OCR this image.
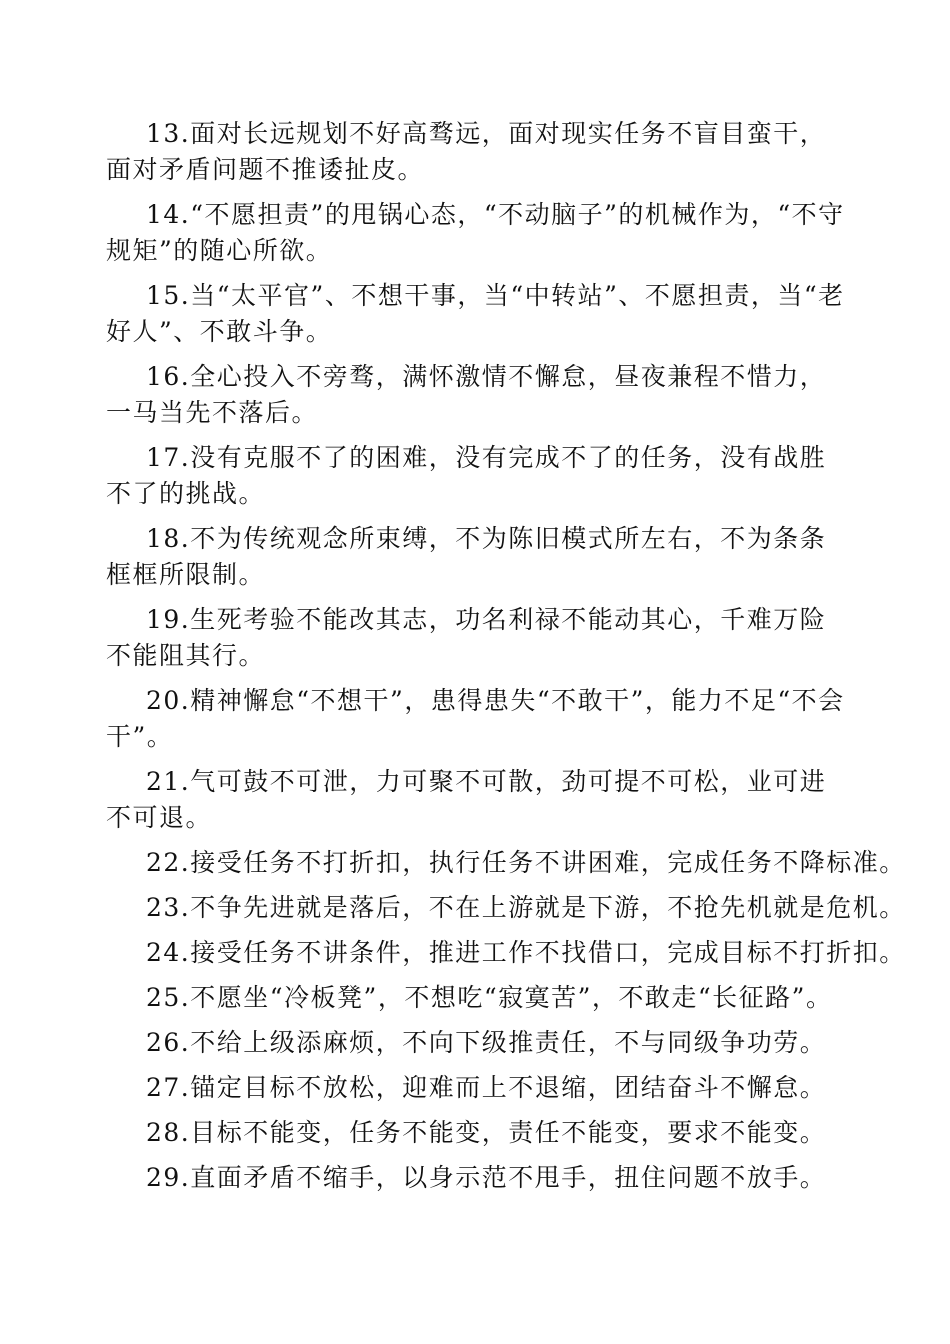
13.面对长远规划不好高骛远，面对现实任务不盲目蛮干，面对矛盾问题不推诿扯皮。

14.“不愿担责”的甩锅心态，“不动脑子”的机械作为，“不守规矩”的随心所欲。

15.当“太平官”、不想干事，当“中转站”、不愿担责，当“老好人”、不敢斗争。

16.全心投入不旁骛，满怀激情不懈怠，昼夜兼程不惜力，一马当先不落后。

17.没有克服不了的困难，没有完成不了的任务，没有战胜不了的挑战。

18.不为传统观念所束缚，不为陈旧模式所左右，不为条条框框所限制。

19.生死考验不能改其志，功名利禄不能动其心，千难万险不能阻其行。

20.精神懈怠“不想干”，患得患失“不敢干”，能力不足“不会干”。

21.气可鼓不可泄，力可聚不可散，劲可提不可松，业可进不可退。

22.接受任务不打折扣，执行任务不讲困难，完成任务不降标准。

23.不争先进就是落后，不在上游就是下游，不抢先机就是危机。

24.接受任务不讲条件，推进工作不找借口，完成目标不打折扣。

25.不愿坐“冷板凳”，不想吃“寂寞苦”，不敢走“长征路”。

26.不给上级添麻烦，不向下级推责任，不与同级争功劳。

27.锚定目标不放松，迎难而上不退缩，团结奋斗不懈怠。

28.目标不能变，任务不能变，责任不能变，要求不能变。

29.直面矛盾不缩手，以身示范不甩手，扭住问题不放手。
